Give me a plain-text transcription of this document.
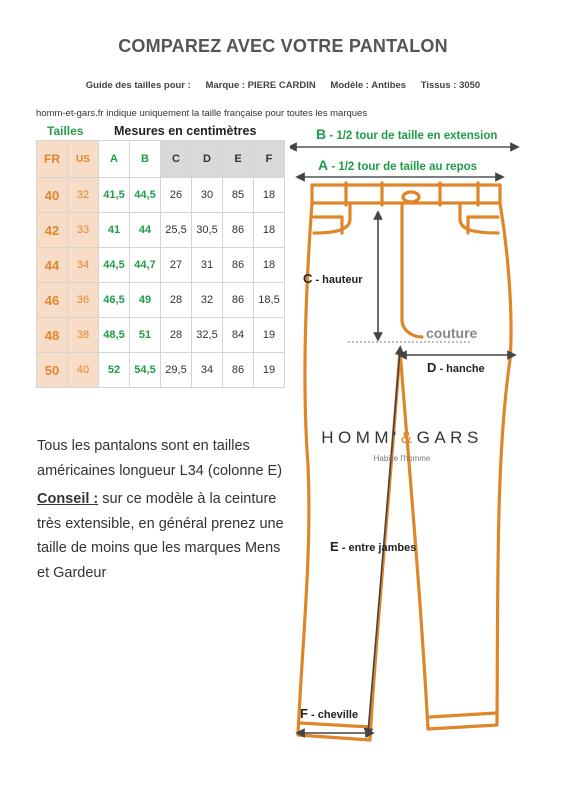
COMPAREZ AVEC VOTRE PANTALON
Guide des tailles pour : Marque : PIERE CARDIN Modèle : Antibes Tissus : 3050
homm-et-gars.fr indique uniquement la taille française pour toutes les marques
Tailles Mesures en centimètres
FR	US	A	B	C	D	E	F
40	32	41,5	44,5	26	30	85	18
42	33	41	44	25,5	30,5	86	18
44	34	44,5	44,7	27	31	86	18
46	36	46,5	49	28	32	86	18,5
48	38	48,5	51	28	32,5	84	19
50	40	52	54,5	29,5	34	86	19

Tous les pantalons sont en tailles américaines longueur L34 (colonne E)

Conseil : sur ce modèle à la ceinture très extensible, en général prenez une taille de moins que les marques Mens et Gardeur

B - 1/2 tour de taille en extension
A - 1/2 tour de taille au repos
C - hauteur
couture
D - hanche
E - entre jambes
F - cheville
HOMM'&GARS
Habille l'homme
